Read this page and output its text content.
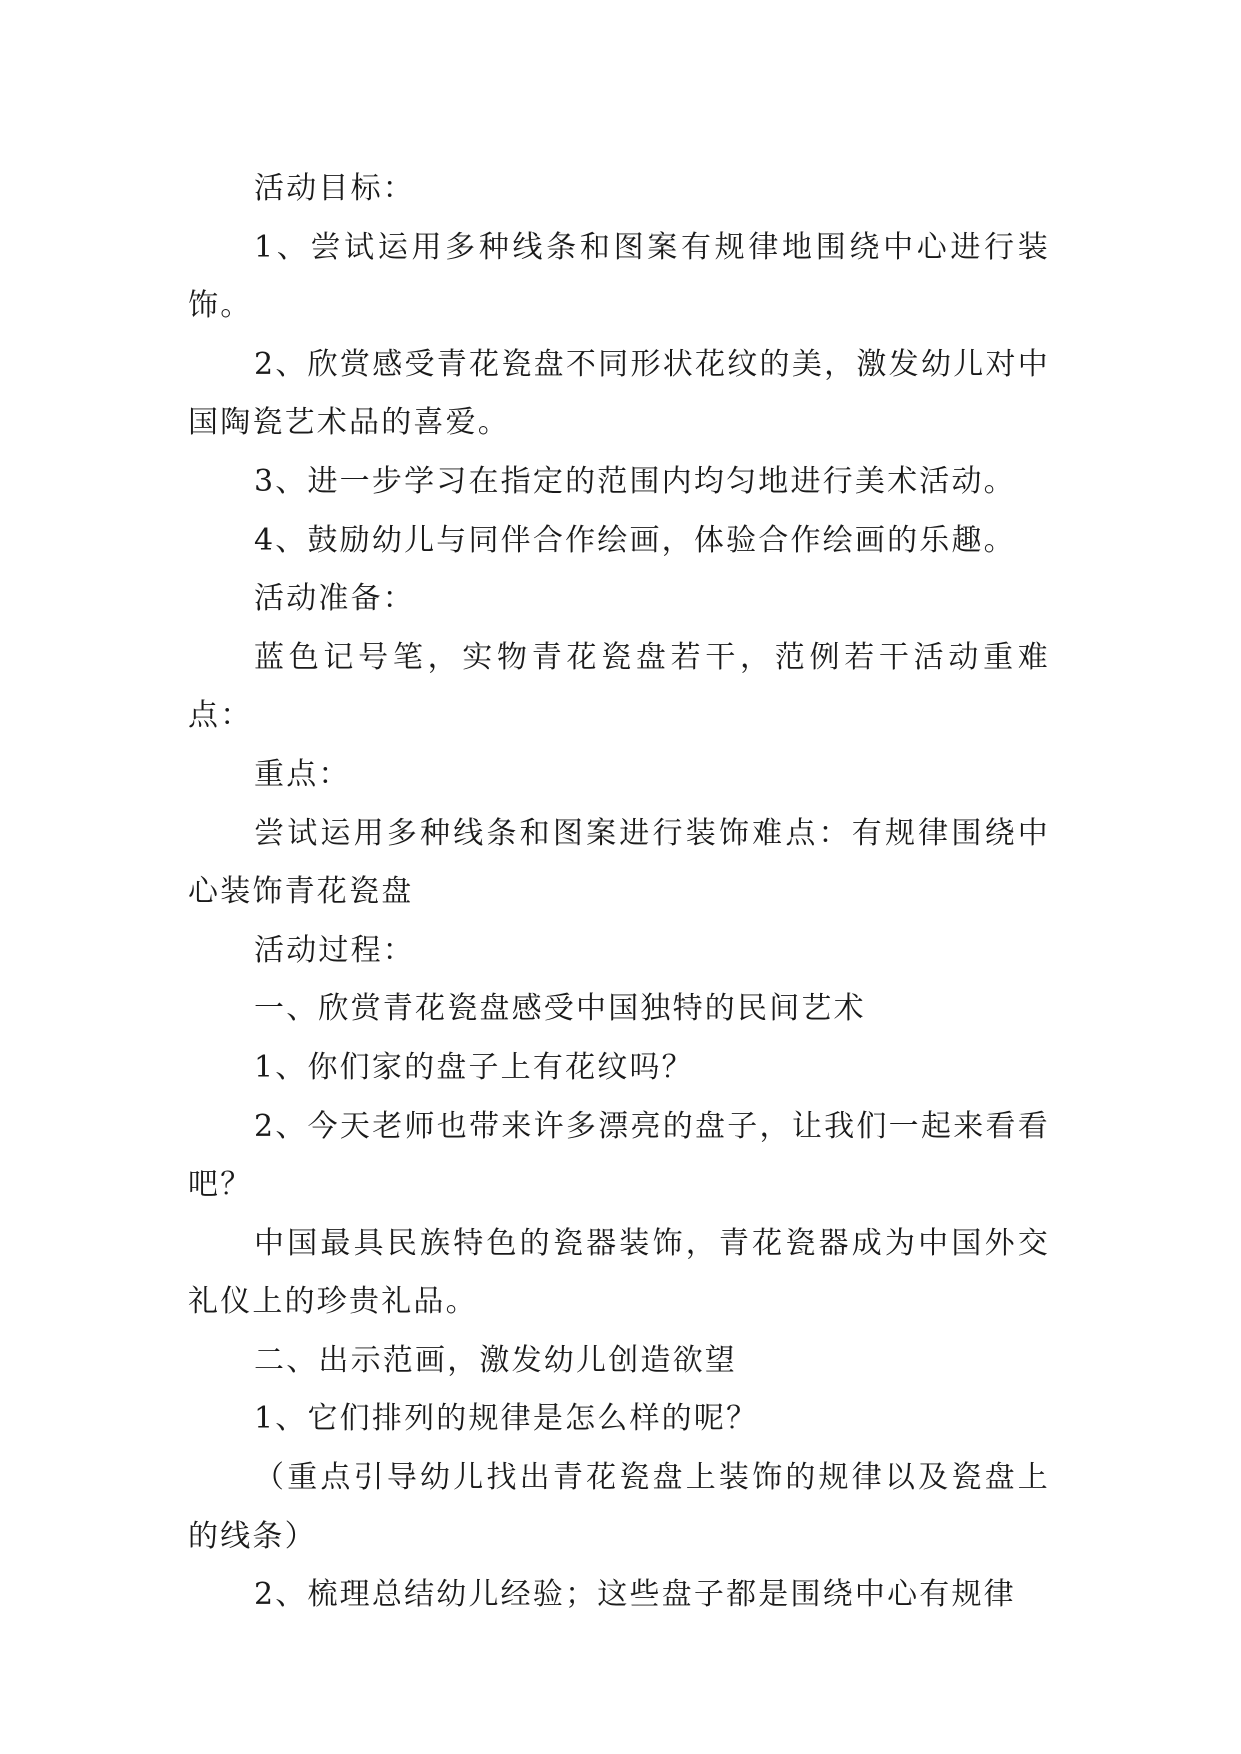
活动目标：

1、尝试运用多种线条和图案有规律地围绕中心进行装饰。

2、欣赏感受青花瓷盘不同形状花纹的美，激发幼儿对中国陶瓷艺术品的喜爱。

3、进一步学习在指定的范围内均匀地进行美术活动。

4、鼓励幼儿与同伴合作绘画，体验合作绘画的乐趣。

活动准备：

蓝色记号笔，实物青花瓷盘若干，范例若干活动重难点：

重点：

尝试运用多种线条和图案进行装饰难点：有规律围绕中心装饰青花瓷盘

活动过程：

一、欣赏青花瓷盘感受中国独特的民间艺术

1、你们家的盘子上有花纹吗？

2、今天老师也带来许多漂亮的盘子，让我们一起来看看吧？

中国最具民族特色的瓷器装饰，青花瓷器成为中国外交礼仪上的珍贵礼品。

二、出示范画，激发幼儿创造欲望

1、它们排列的规律是怎么样的呢？

（重点引导幼儿找出青花瓷盘上装饰的规律以及瓷盘上的线条）

2、梳理总结幼儿经验；这些盘子都是围绕中心有规律
